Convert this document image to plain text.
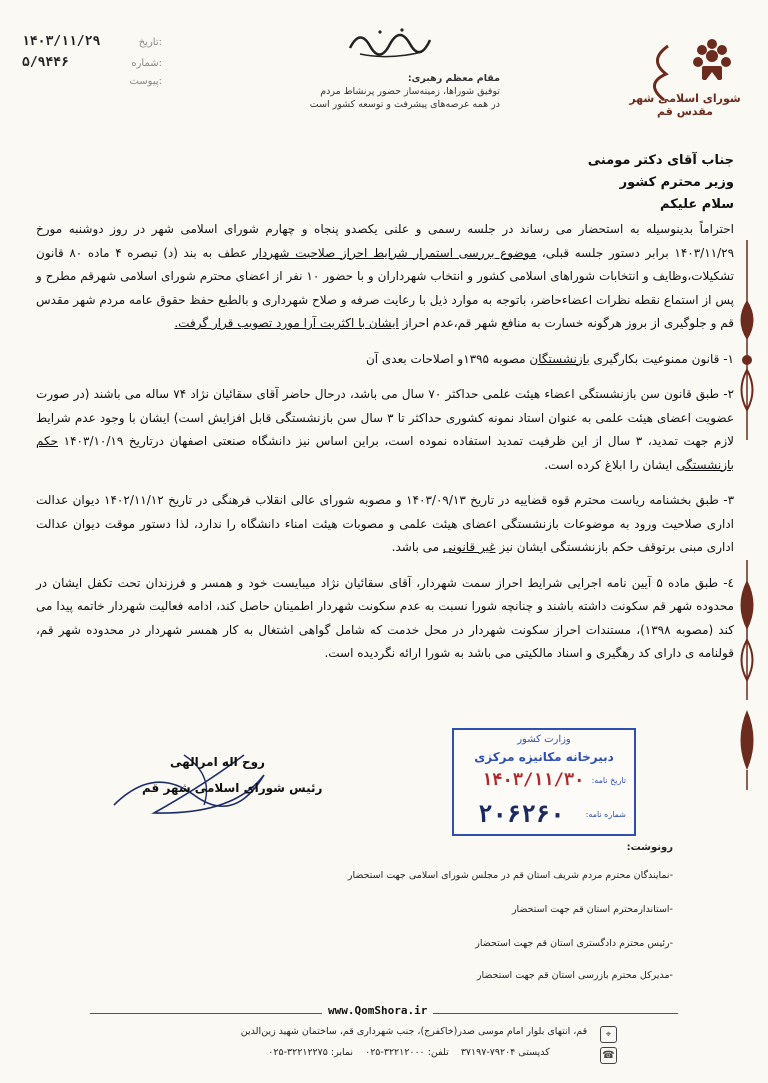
۱۴۰۳/۱۱/۲۹	تاریخ:
۵/۹۴۴۶	شماره:
پیوست:	مقام معظم رهبری:
توفیق شوراها، زمینه‌ساز حضور پرنشاط مردم
در همه عرصه‌های پیشرفت و توسعه کشور است	شورای اسلامی شهر مقدس قم

جناب آقای دکتر مومنی

وزیر محترم کشور

سلام علیکم

احتراماً بدینوسیله به استحضار می رساند در جلسه رسمی و علنی یکصدو پنجاه و چهارم شورای اسلامی شهر در روز دوشنبه مورخ ۱۴۰۳/۱۱/۲۹ برابر دستور جلسه قبلی، موضوع بررسی استمرار شرایط احراز صلاحیت شهردار عطف به بند (د) تبصره ۴ ماده ۸۰ قانون تشکیلات،وظایف و انتخابات شوراهای اسلامی کشور و انتخاب شهرداران و با حضور ۱۰ نفر از اعضای محترم شورای اسلامی شهرقم مطرح و پس از استماع نقطه نظرات اعضاءحاضر، باتوجه به موارد ذیل با رعایت صرفه و صلاح شهرداری و بالطبع حفظ حقوق عامه مردم شهر مقدس قم و جلوگیری از بروز هرگونه خسارت به منافع شهر قم،عدم احراز ایشان با اکثریت آرا مورد تصویب قرار گرفت.

۱- قانون ممنوعیت بکارگیری بازنشستگان مصوبه ۱۳۹۵و اصلاحات بعدی آن

۲- طبق قانون سن بازنشستگی اعضاء هیئت علمی حداکثر ۷۰ سال می باشد، درحال حاضر آقای سقائیان نژاد ۷۴ ساله می باشند (در صورت عضویت اعضای هیئت علمی به عنوان استاد نمونه کشوری حداکثر تا ۳ سال سن بازنشستگی قابل افزایش است) ایشان با وجود عدم شرایط لازم جهت تمدید، ۳ سال از این ظرفیت تمدید استفاده نموده است، براین اساس نیز دانشگاه صنعتی اصفهان درتاریخ ۱۴۰۳/۱۰/۱۹ حکم بازنشستگی ایشان را ابلاغ کرده است.

۳- طبق بخشنامه ریاست محترم قوه قضاییه در تاریخ ۱۴۰۳/۰۹/۱۳ و مصوبه شورای عالی انقلاب فرهنگی در تاریخ ۱۴۰۲/۱۱/۱۲ دیوان عدالت اداری صلاحیت ورود به موضوعات بازنشستگی اعضای هیئت علمی و مصوبات هیئت امناء دانشگاه را ندارد، لذا دستور موقت دیوان عدالت اداری مبنی برتوقف حکم بازنشستگی ایشان نیز غیر قانونی می باشد.

٤- طبق ماده ۵ آیین نامه اجرایی شرایط احراز سمت شهردار، آقای سقائیان نژاد میبایست خود و همسر و فرزندان تحت تکفل ایشان در محدوده شهر قم سکونت داشته باشند و چنانچه شورا نسبت به عدم سکونت شهردار اطمینان حاصل کند، ادامه فعالیت شهردار خاتمه پیدا می کند (مصوبه ۱۳۹۸)، مستندات احراز سکونت شهردار در محل خدمت که شامل گواهی اشتغال به کار همسر شهردار در محدوده شهر قم، قولنامه ی دارای کد رهگیری و اسناد مالکیتی می باشد به شورا ارائه نگردیده است.

روح اله امرالهی
رئیس شورای اسلامی شهر قم
وزارت کشور
دبیرخانه مکانیزه مرکزی
تاریخ نامه:
۱۴۰۳/۱۱/۳۰
شماره نامه:
۲۰۶۲۶۰
رونوشت:
-نمایندگان محترم مردم شریف استان قم در مجلس شورای اسلامی جهت استحضار
-استاندارمحترم استان قم جهت استحضار
-رئیس محترم دادگستری استان قم جهت استحضار
-مدیرکل محترم بازرسی استان قم جهت استحضار
www.QomShora.ir
⌖
قم، انتهای بلوار امام موسی صدر(خاکفرج)، جنب شهرداری قم، ساختمان شهید زین‌الدین
☎
کدپستی ۷۹۲۰۴-۳۷۱۹۷    تلفن: ۳۲۲۱۲۰۰۰-۰۲۵    نمابر: ۳۲۲۱۲۲۷۵-۰۲۵
